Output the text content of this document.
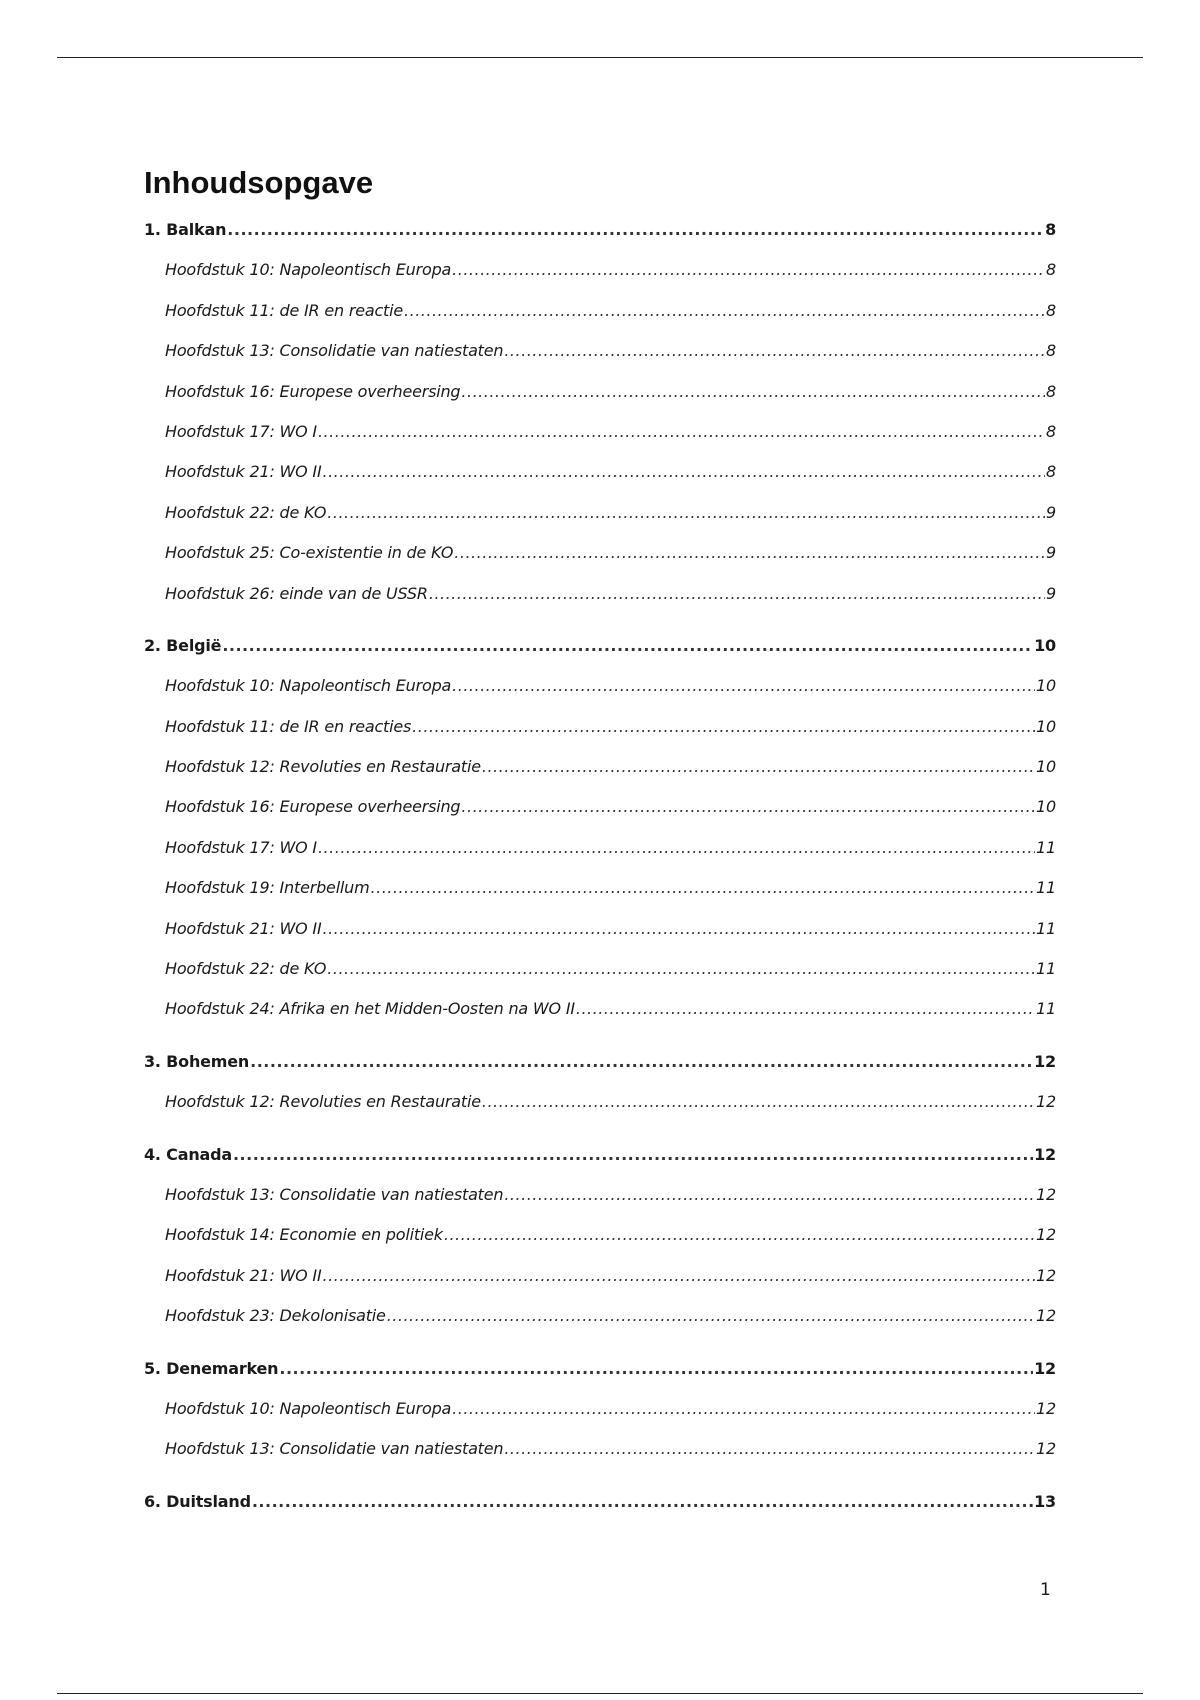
Inhoudsopgave
1. Balkan .....	8
Hoofdstuk 10: Napoleontisch Europa .....	8
Hoofdstuk 11: de IR en reactie .....	8
Hoofdstuk 13: Consolidatie van natiestaten .....	8
Hoofdstuk 16: Europese overheersing .....	8
Hoofdstuk 17: WO I .....	8
Hoofdstuk 21: WO II .....	8
Hoofdstuk 22: de KO .....	9
Hoofdstuk 25: Co-existentie in de KO .....	9
Hoofdstuk 26: einde van de USSR .....	9
2. België .....	10
Hoofdstuk 10: Napoleontisch Europa .....	10
Hoofdstuk 11: de IR en reacties .....	10
Hoofdstuk 12: Revoluties en Restauratie .....	10
Hoofdstuk 16: Europese overheersing .....	10
Hoofdstuk 17: WO I .....	11
Hoofdstuk 19: Interbellum .....	11
Hoofdstuk 21: WO II .....	11
Hoofdstuk 22: de KO .....	11
Hoofdstuk 24: Afrika en het Midden-Oosten na WO II .....	11
3. Bohemen .....	12
Hoofdstuk 12: Revoluties en Restauratie .....	12
4. Canada .....	12
Hoofdstuk 13: Consolidatie van natiestaten .....	12
Hoofdstuk 14: Economie en politiek .....	12
Hoofdstuk 21: WO II .....	12
Hoofdstuk 23: Dekolonisatie .....	12
5. Denemarken .....	12
Hoofdstuk 10: Napoleontisch Europa .....	12
Hoofdstuk 13: Consolidatie van natiestaten .....	12
6. Duitsland .....	13
1
